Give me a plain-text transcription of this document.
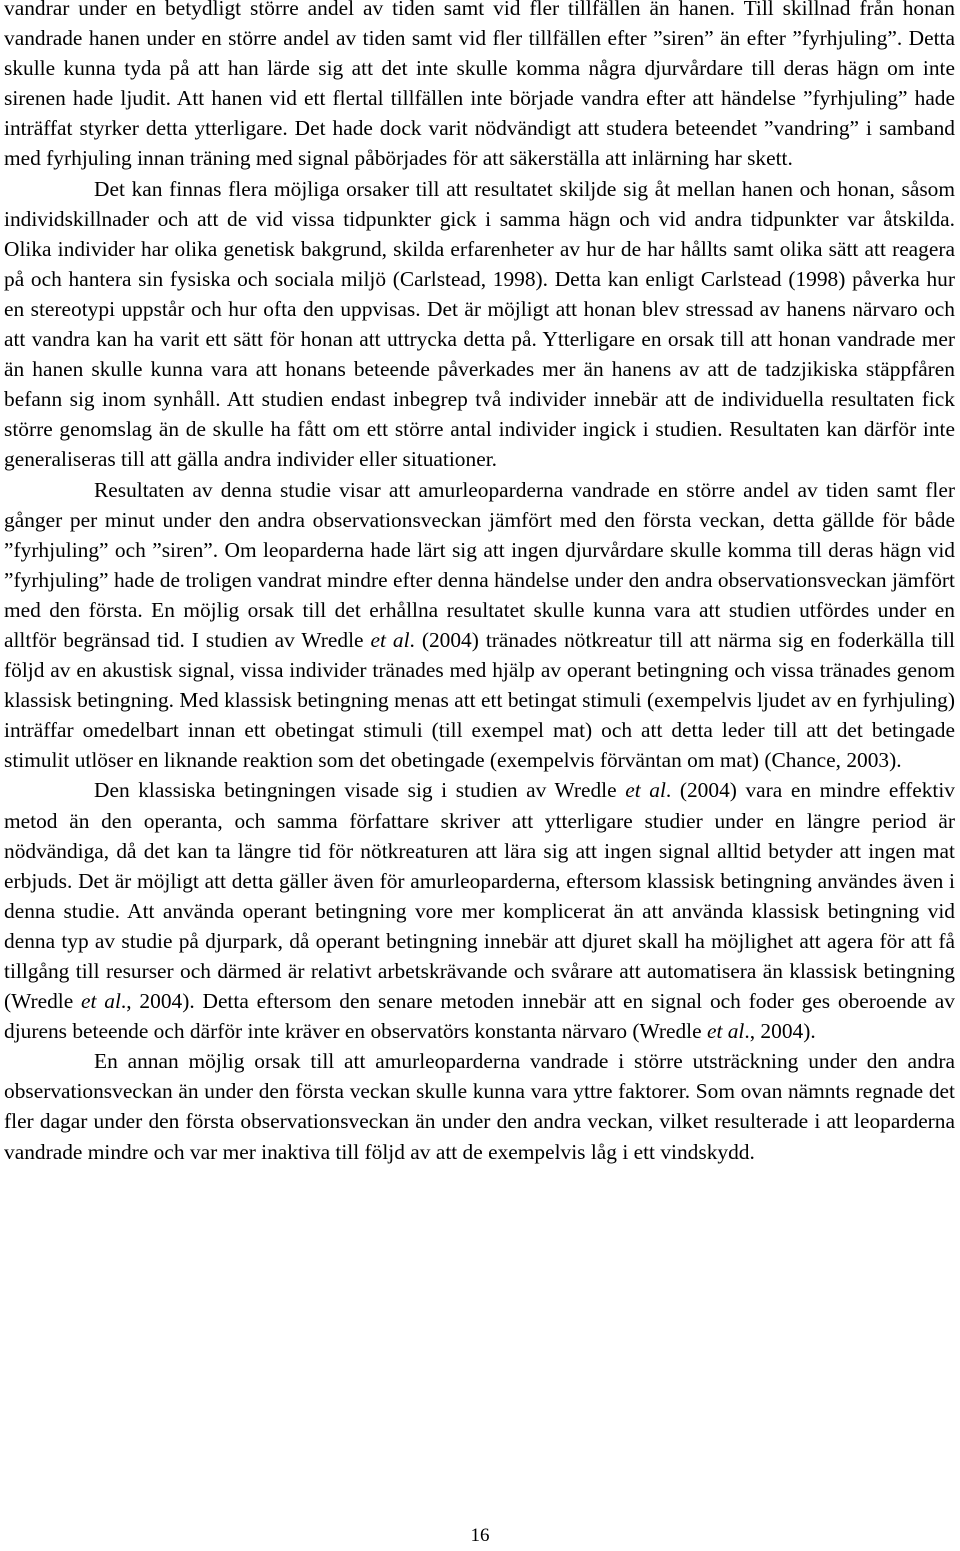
vandrar under en betydligt större andel av tiden samt vid fler tillfällen än hanen. Till skillnad från honan vandrade hanen under en större andel av tiden samt vid fler tillfällen efter ”siren” än efter ”fyrhjuling”. Detta skulle kunna tyda på att han lärde sig att det inte skulle komma några djurvårdare till deras hägn om inte sirenen hade ljudit. Att hanen vid ett flertal tillfällen inte började vandra efter att händelse ”fyrhjuling” hade inträffat styrker detta ytterligare. Det hade dock varit nödvändigt att studera beteendet ”vandring” i samband med fyrhjuling innan träning med signal påbörjades för att säkerställa att inlärning har skett.

Det kan finnas flera möjliga orsaker till att resultatet skiljde sig åt mellan hanen och honan, såsom individskillnader och att de vid vissa tidpunkter gick i samma hägn och vid andra tidpunkter var åtskilda. Olika individer har olika genetisk bakgrund, skilda erfarenheter av hur de har hållts samt olika sätt att reagera på och hantera sin fysiska och sociala miljö (Carlstead, 1998). Detta kan enligt Carlstead (1998) påverka hur en stereotypi uppstår och hur ofta den uppvisas. Det är möjligt att honan blev stressad av hanens närvaro och att vandra kan ha varit ett sätt för honan att uttrycka detta på. Ytterligare en orsak till att honan vandrade mer än hanen skulle kunna vara att honans beteende påverkades mer än hanens av att de tadzjikiska stäppfåren befann sig inom synhåll. Att studien endast inbegrep två individer innebär att de individuella resultaten fick större genomslag än de skulle ha fått om ett större antal individer ingick i studien. Resultaten kan därför inte generaliseras till att gälla andra individer eller situationer.

Resultaten av denna studie visar att amurleoparderna vandrade en större andel av tiden samt fler gånger per minut under den andra observationsveckan jämfört med den första veckan, detta gällde för både ”fyrhjuling” och ”siren”. Om leoparderna hade lärt sig att ingen djurvårdare skulle komma till deras hägn vid ”fyrhjuling” hade de troligen vandrat mindre efter denna händelse under den andra observationsveckan jämfört med den första. En möjlig orsak till det erhållna resultatet skulle kunna vara att studien utfördes under en alltför begränsad tid. I studien av Wredle et al. (2004) tränades nötkreatur till att närma sig en foderkälla till följd av en akustisk signal, vissa individer tränades med hjälp av operant betingning och vissa tränades genom klassisk betingning. Med klassisk betingning menas att ett betingat stimuli (exempelvis ljudet av en fyrhjuling) inträffar omedelbart innan ett obetingat stimuli (till exempel mat) och att detta leder till att det betingade stimulit utlöser en liknande reaktion som det obetingade (exempelvis förväntan om mat) (Chance, 2003).

Den klassiska betingningen visade sig i studien av Wredle et al. (2004) vara en mindre effektiv metod än den operanta, och samma författare skriver att ytterligare studier under en längre period är nödvändiga, då det kan ta längre tid för nötkreaturen att lära sig att ingen signal alltid betyder att ingen mat erbjuds. Det är möjligt att detta gäller även för amurleoparderna, eftersom klassisk betingning användes även i denna studie. Att använda operant betingning vore mer komplicerat än att använda klassisk betingning vid denna typ av studie på djurpark, då operant betingning innebär att djuret skall ha möjlighet att agera för att få tillgång till resurser och därmed är relativt arbetskrävande och svårare att automatisera än klassisk betingning (Wredle et al., 2004). Detta eftersom den senare metoden innebär att en signal och foder ges oberoende av djurens beteende och därför inte kräver en observatörs konstanta närvaro (Wredle et al., 2004).

En annan möjlig orsak till att amurleoparderna vandrade i större utsträckning under den andra observationsveckan än under den första veckan skulle kunna vara yttre faktorer. Som ovan nämnts regnade det fler dagar under den första observationsveckan än under den andra veckan, vilket resulterade i att leoparderna vandrade mindre och var mer inaktiva till följd av att de exempelvis låg i ett vindskydd.

16
